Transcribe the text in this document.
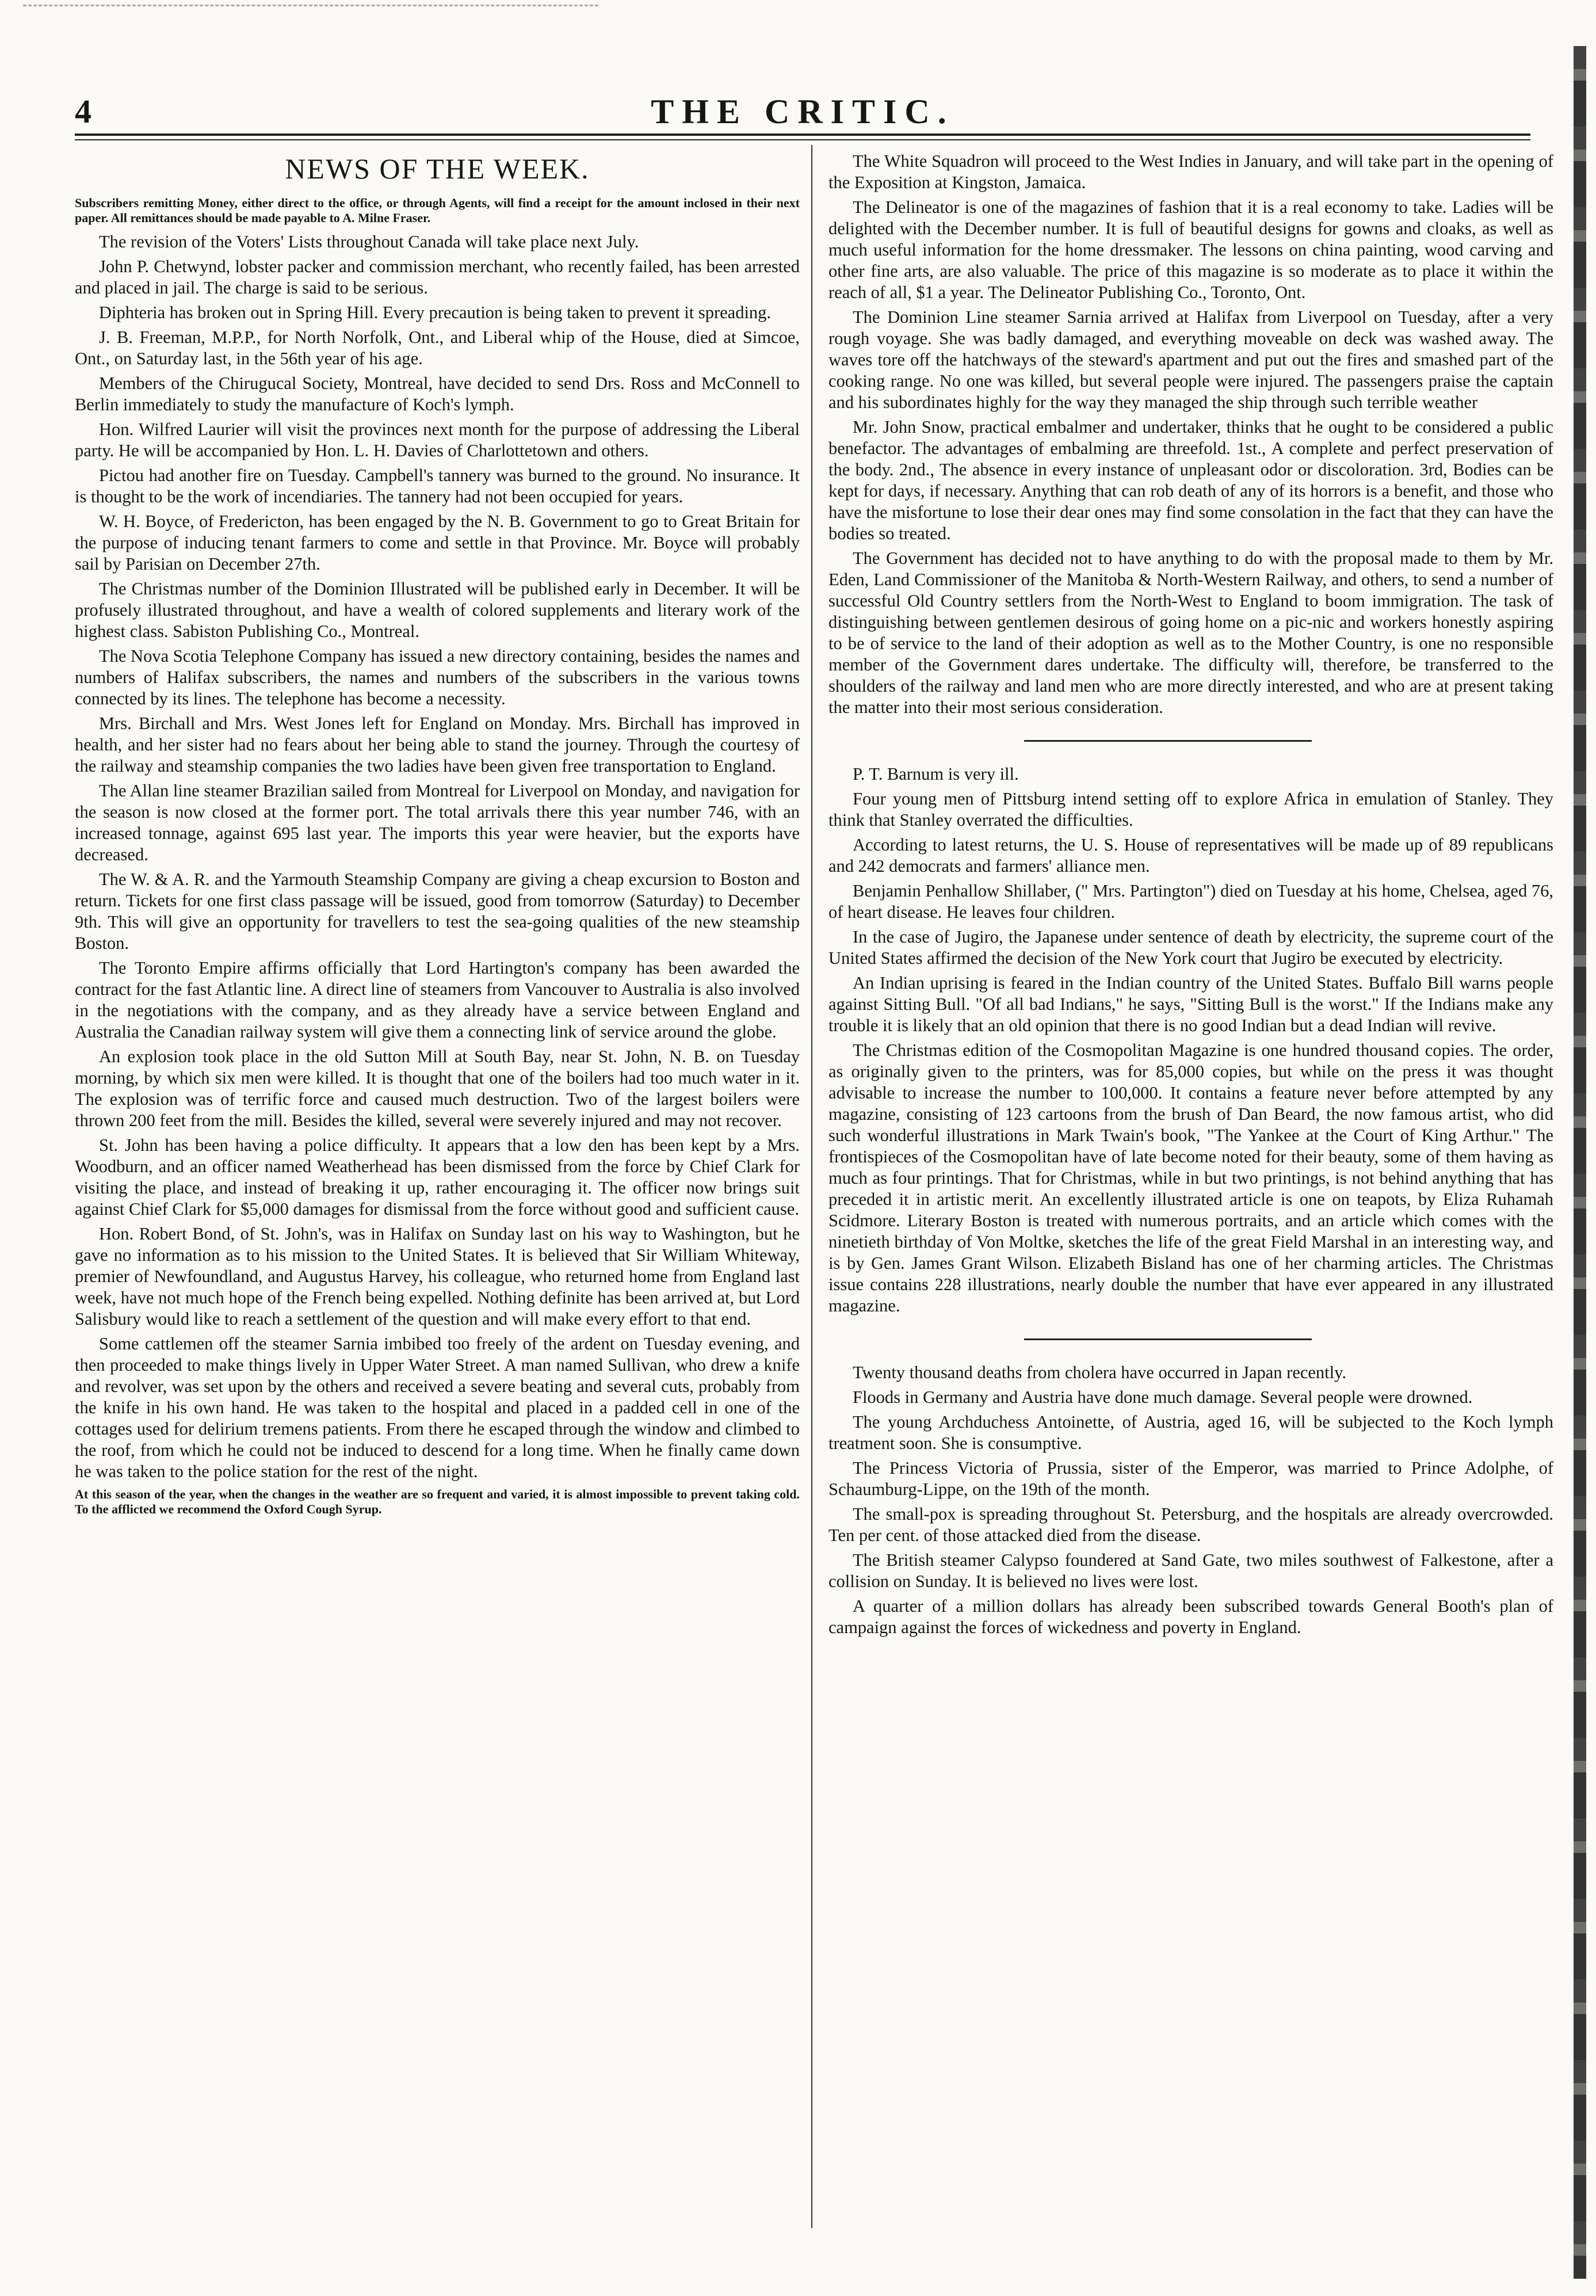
4	THE CRITIC.
NEWS OF THE WEEK.
Subscribers remitting Money, either direct to the office, or through Agents, will find a receipt for the amount inclosed in their next paper. All remittances should be made payable to A. Milne Fraser.

The revision of the Voters' Lists throughout Canada will take place next July.

John P. Chetwynd, lobster packer and commission merchant, who recently failed, has been arrested and placed in jail. The charge is said to be serious.

Diphteria has broken out in Spring Hill. Every precaution is being taken to prevent it spreading.

J. B. Freeman, M.P.P., for North Norfolk, Ont., and Liberal whip of the House, died at Simcoe, Ont., on Saturday last, in the 56th year of his age.

Members of the Chirugucal Society, Montreal, have decided to send Drs. Ross and McConnell to Berlin immediately to study the manufacture of Koch's lymph.

Hon. Wilfred Laurier will visit the provinces next month for the purpose of addressing the Liberal party. He will be accompanied by Hon. L. H. Davies of Charlottetown and others.

Pictou had another fire on Tuesday. Campbell's tannery was burned to the ground. No insurance. It is thought to be the work of incendiaries. The tannery had not been occupied for years.

W. H. Boyce, of Fredericton, has been engaged by the N. B. Government to go to Great Britain for the purpose of inducing tenant farmers to come and settle in that Province. Mr. Boyce will probably sail by Parisian on December 27th.

The Christmas number of the Dominion Illustrated will be published early in December. It will be profusely illustrated throughout, and have a wealth of colored supplements and literary work of the highest class. Sabiston Publishing Co., Montreal.

The Nova Scotia Telephone Company has issued a new directory containing, besides the names and numbers of Halifax subscribers, the names and numbers of the subscribers in the various towns connected by its lines. The telephone has become a necessity.

Mrs. Birchall and Mrs. West Jones left for England on Monday. Mrs. Birchall has improved in health, and her sister had no fears about her being able to stand the journey. Through the courtesy of the railway and steamship companies the two ladies have been given free transportation to England.

The Allan line steamer Brazilian sailed from Montreal for Liverpool on Monday, and navigation for the season is now closed at the former port. The total arrivals there this year number 746, with an increased tonnage, against 695 last year. The imports this year were heavier, but the exports have decreased.

The W. & A. R. and the Yarmouth Steamship Company are giving a cheap excursion to Boston and return. Tickets for one first class passage will be issued, good from tomorrow (Saturday) to December 9th. This will give an opportunity for travellers to test the sea-going qualities of the new steamship Boston.

The Toronto Empire affirms officially that Lord Hartington's company has been awarded the contract for the fast Atlantic line. A direct line of steamers from Vancouver to Australia is also involved in the negotiations with the company, and as they already have a service between England and Australia the Canadian railway system will give them a connecting link of service around the globe.

An explosion took place in the old Sutton Mill at South Bay, near St. John, N. B. on Tuesday morning, by which six men were killed. It is thought that one of the boilers had too much water in it. The explosion was of terrific force and caused much destruction. Two of the largest boilers were thrown 200 feet from the mill. Besides the killed, several were severely injured and may not recover.

St. John has been having a police difficulty. It appears that a low den has been kept by a Mrs. Woodburn, and an officer named Weatherhead has been dismissed from the force by Chief Clark for visiting the place, and instead of breaking it up, rather encouraging it. The officer now brings suit against Chief Clark for $5,000 damages for dismissal from the force without good and sufficient cause.

Hon. Robert Bond, of St. John's, was in Halifax on Sunday last on his way to Washington, but he gave no information as to his mission to the United States. It is believed that Sir William Whiteway, premier of Newfoundland, and Augustus Harvey, his colleague, who returned home from England last week, have not much hope of the French being expelled. Nothing definite has been arrived at, but Lord Salisbury would like to reach a settlement of the question and will make every effort to that end.

Some cattlemen off the steamer Sarnia imbibed too freely of the ardent on Tuesday evening, and then proceeded to make things lively in Upper Water Street. A man named Sullivan, who drew a knife and revolver, was set upon by the others and received a severe beating and several cuts, probably from the knife in his own hand. He was taken to the hospital and placed in a padded cell in one of the cottages used for delirium tremens patients. From there he escaped through the window and climbed to the roof, from which he could not be induced to descend for a long time. When he finally came down he was taken to the police station for the rest of the night.

At this season of the year, when the changes in the weather are so frequent and varied, it is almost impossible to prevent taking cold. To the afflicted we recommend the Oxford Cough Syrup.

The White Squadron will proceed to the West Indies in January, and will take part in the opening of the Exposition at Kingston, Jamaica.

The Delineator is one of the magazines of fashion that it is a real economy to take. Ladies will be delighted with the December number. It is full of beautiful designs for gowns and cloaks, as well as much useful information for the home dressmaker. The lessons on china painting, wood carving and other fine arts, are also valuable. The price of this magazine is so moderate as to place it within the reach of all, $1 a year. The Delineator Publishing Co., Toronto, Ont.

The Dominion Line steamer Sarnia arrived at Halifax from Liverpool on Tuesday, after a very rough voyage. She was badly damaged, and everything moveable on deck was washed away. The waves tore off the hatchways of the steward's apartment and put out the fires and smashed part of the cooking range. No one was killed, but several people were injured. The passengers praise the captain and his subordinates highly for the way they managed the ship through such terrible weather

Mr. John Snow, practical embalmer and undertaker, thinks that he ought to be considered a public benefactor. The advantages of embalming are threefold. 1st., A complete and perfect preservation of the body. 2nd., The absence in every instance of unpleasant odor or discoloration. 3rd, Bodies can be kept for days, if necessary. Anything that can rob death of any of its horrors is a benefit, and those who have the misfortune to lose their dear ones may find some consolation in the fact that they can have the bodies so treated.

The Government has decided not to have anything to do with the proposal made to them by Mr. Eden, Land Commissioner of the Manitoba & North-Western Railway, and others, to send a number of successful Old Country settlers from the North-West to England to boom immigration. The task of distinguishing between gentlemen desirous of going home on a pic-nic and workers honestly aspiring to be of service to the land of their adoption as well as to the Mother Country, is one no responsible member of the Government dares undertake. The difficulty will, therefore, be transferred to the shoulders of the railway and land men who are more directly interested, and who are at present taking the matter into their most serious consideration.

P. T. Barnum is very ill.

Four young men of Pittsburg intend setting off to explore Africa in emulation of Stanley. They think that Stanley overrated the difficulties.

According to latest returns, the U. S. House of representatives will be made up of 89 republicans and 242 democrats and farmers' alliance men.

Benjamin Penhallow Shillaber, (" Mrs. Partington") died on Tuesday at his home, Chelsea, aged 76, of heart disease. He leaves four children.

In the case of Jugiro, the Japanese under sentence of death by electricity, the supreme court of the United States affirmed the decision of the New York court that Jugiro be executed by electricity.

An Indian uprising is feared in the Indian country of the United States. Buffalo Bill warns people against Sitting Bull. "Of all bad Indians," he says, "Sitting Bull is the worst." If the Indians make any trouble it is likely that an old opinion that there is no good Indian but a dead Indian will revive.

The Christmas edition of the Cosmopolitan Magazine is one hundred thousand copies. The order, as originally given to the printers, was for 85,000 copies, but while on the press it was thought advisable to increase the number to 100,000. It contains a feature never before attempted by any magazine, consisting of 123 cartoons from the brush of Dan Beard, the now famous artist, who did such wonderful illustrations in Mark Twain's book, "The Yankee at the Court of King Arthur." The frontispieces of the Cosmopolitan have of late become noted for their beauty, some of them having as much as four printings. That for Christmas, while in but two printings, is not behind anything that has preceded it in artistic merit. An excellently illustrated article is one on teapots, by Eliza Ruhamah Scidmore. Literary Boston is treated with numerous portraits, and an article which comes with the ninetieth birthday of Von Moltke, sketches the life of the great Field Marshal in an interesting way, and is by Gen. James Grant Wilson. Elizabeth Bisland has one of her charming articles. The Christmas issue contains 228 illustrations, nearly double the number that have ever appeared in any illustrated magazine.

Twenty thousand deaths from cholera have occurred in Japan recently.

Floods in Germany and Austria have done much damage. Several people were drowned.

The young Archduchess Antoinette, of Austria, aged 16, will be subjected to the Koch lymph treatment soon. She is consumptive.

The Princess Victoria of Prussia, sister of the Emperor, was married to Prince Adolphe, of Schaumburg-Lippe, on the 19th of the month.

The small-pox is spreading throughout St. Petersburg, and the hospitals are already overcrowded. Ten per cent. of those attacked died from the disease.

The British steamer Calypso foundered at Sand Gate, two miles southwest of Falkestone, after a collision on Sunday. It is believed no lives were lost.

A quarter of a million dollars has already been subscribed towards General Booth's plan of campaign against the forces of wickedness and poverty in England.
